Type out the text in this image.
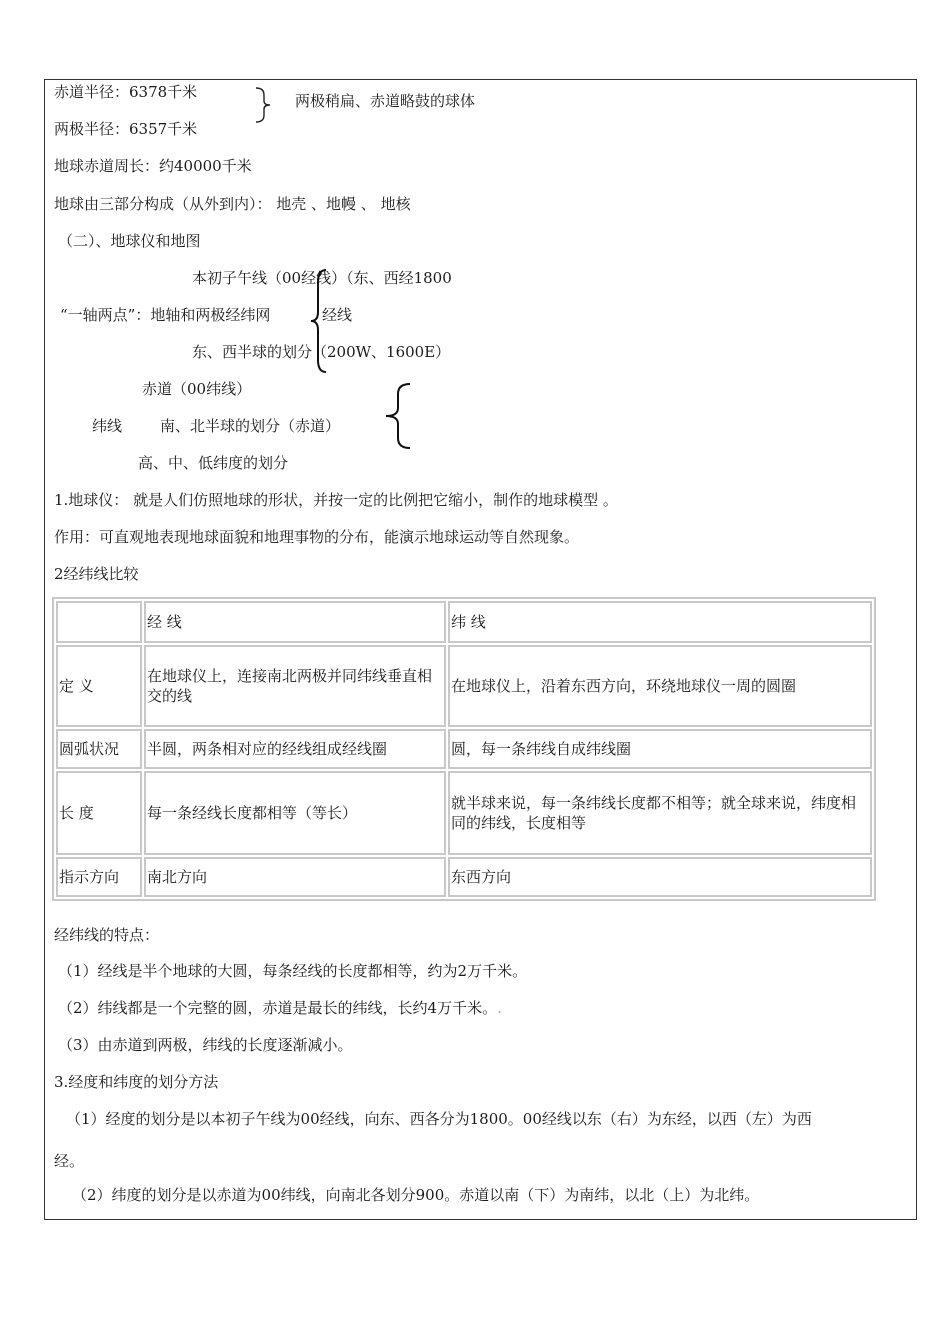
赤道半径：6378千米
两极半径：6357千米
两极稍扁、赤道略鼓的球体
地球赤道周长：约40000千米
地球由三部分构成（从外到内）： 地壳 、地幔 、 地核
（二）、地球仪和地图
本初子午线（00经线）（东、西经1800
“一轴两点”：地轴和两极经纬网	经线
东、西半球的划分（200W、1600E）
赤道（00纬线）
纬线	南、北半球的划分（赤道）
高、中、低纬度的划分
1.地球仪： 就是人们仿照地球的形状，并按一定的比例把它缩小，制作的地球模型 。
作用：可直观地表现地球面貌和地理事物的分布，能演示地球运动等自然现象。
2经纬线比较
	经 线	纬 线
定 义	在地球仪上，连接南北两极并同纬线垂直相交的线	在地球仪上，沿着东西方向，环绕地球仪一周的圆圈
圆弧状况	半圆，两条相对应的经线组成经线圈	圆，每一条纬线自成纬线圈
长 度	每一条经线长度都相等（等长）	就半球来说，每一条纬线长度都不相等；就全球来说，纬度相同的纬线，长度相等
指示方向	南北方向	东西方向
经纬线的特点：
（1）经线是半个地球的大圆，每条经线的长度都相等，约为2万千米。
（2）纬线都是一个完整的圆，赤道是最长的纬线，长约4万千米。.
（3）由赤道到两极，纬线的长度逐渐减小。
3.经度和纬度的划分方法
（1）经度的划分是以本初子午线为00经线，向东、西各分为1800。00经线以东（右）为东经，以西（左）为西
经。
（2）纬度的划分是以赤道为00纬线，向南北各划分900。赤道以南（下）为南纬，以北（上）为北纬。
